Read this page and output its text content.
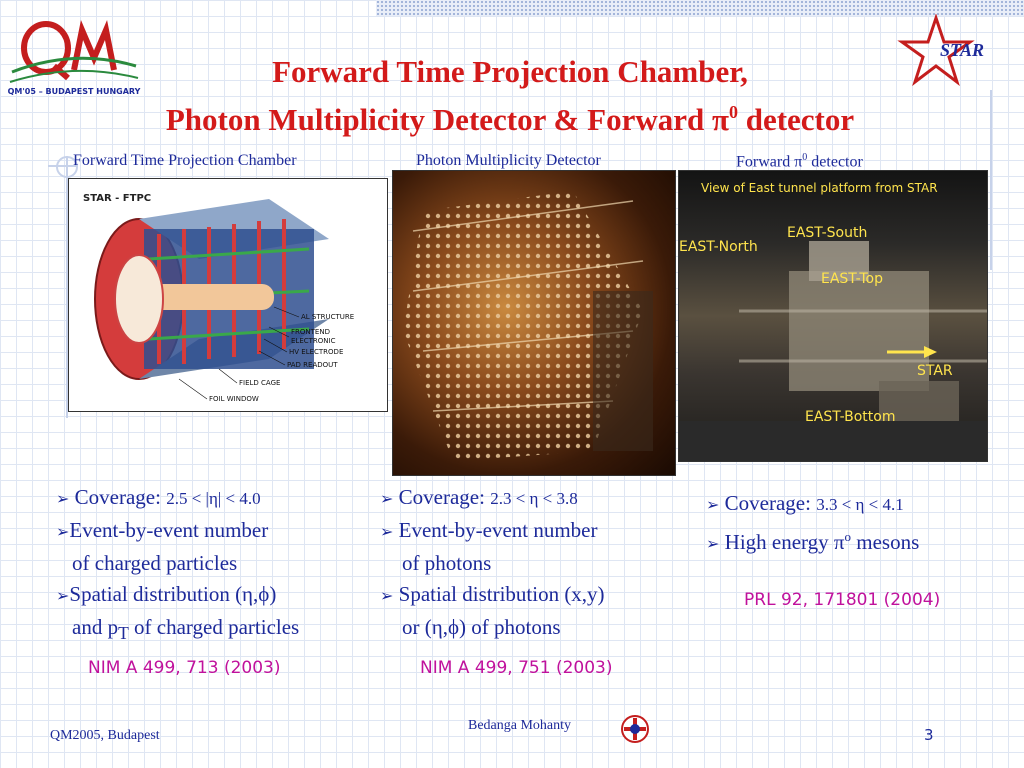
QM'05 – BUDAPEST HUNGARY
STAR
Forward Time Projection Chamber,
Photon Multiplicity Detector & Forward $\pi^0$ detector
Forward Time Projection Chamber	Photon Multiplicity Detector	Forward $\pi^0$ detector
STAR - FTPC
AL STRUCTURE
FRONTEND
ELECTRONIC
HV ELECTRODE
PAD READOUT
FIELD CAGE
FOIL WINDOW
View of East tunnel platform from STAR
EAST-South
EAST-North
EAST-Top
STAR
EAST-Bottom
➢ Coverage: 2.5 < |η| < 4.0
➢Event-by-event number
of charged particles
➢Spatial distribution (η,ϕ)
and $p_T$ of charged particles
➢ Coverage: 2.3 < η < 3.8
➢ Event-by-event number
of photons
➢ Spatial distribution (x,y)
or (η,ϕ) of photons
➢ Coverage: 3.3 < η < 4.1
➢ High energy $\pi^o$ mesons
NIM A 499, 713 (2003)	NIM A 499, 751 (2003)
PRL 92, 171801 (2004)
QM2005, Budapest
Bedanga Mohanty
3
